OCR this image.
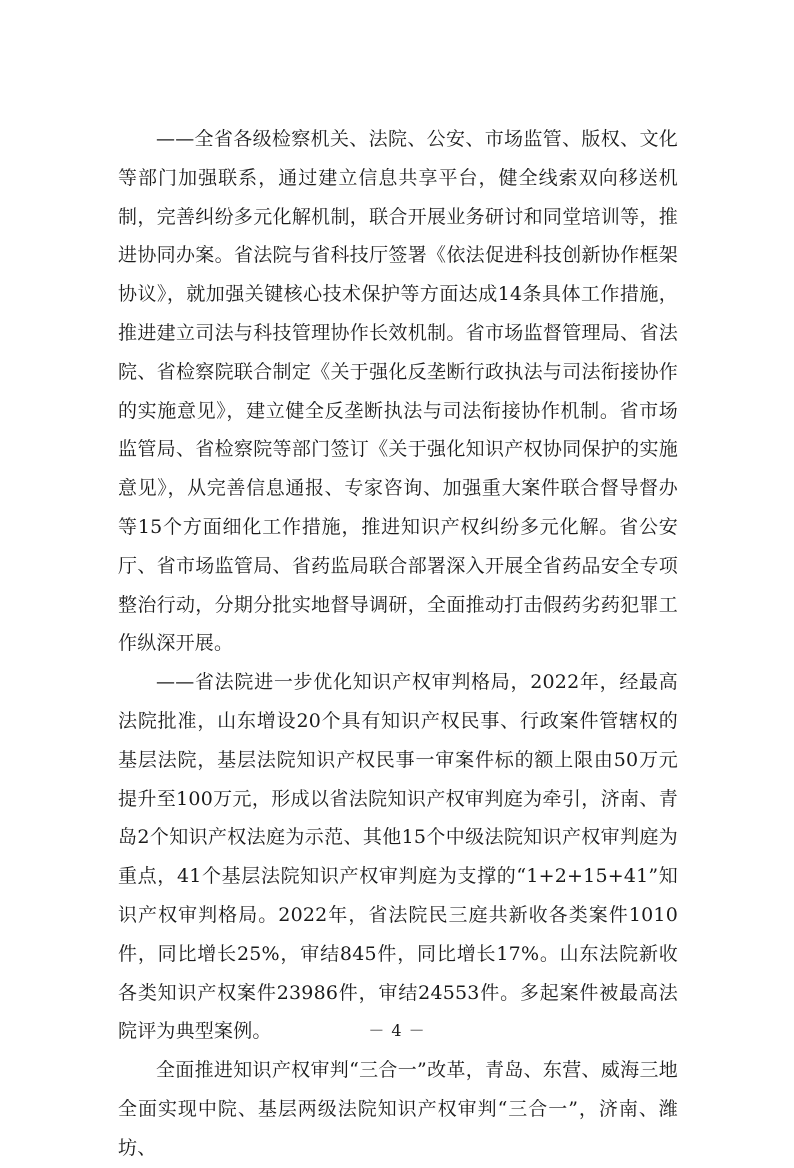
——全省各级检察机关、法院、公安、市场监管、版权、文化等部门加强联系，通过建立信息共享平台，健全线索双向移送机制，完善纠纷多元化解机制，联合开展业务研讨和同堂培训等，推进协同办案。省法院与省科技厅签署《依法促进科技创新协作框架协议》，就加强关键核心技术保护等方面达成14条具体工作措施，推进建立司法与科技管理协作长效机制。省市场监督管理局、省法院、省检察院联合制定《关于强化反垄断行政执法与司法衔接协作的实施意见》，建立健全反垄断执法与司法衔接协作机制。省市场监管局、省检察院等部门签订《关于强化知识产权协同保护的实施意见》，从完善信息通报、专家咨询、加强重大案件联合督导督办等15个方面细化工作措施，推进知识产权纠纷多元化解。省公安厅、省市场监管局、省药监局联合部署深入开展全省药品安全专项整治行动，分期分批实地督导调研，全面推动打击假药劣药犯罪工作纵深开展。

——省法院进一步优化知识产权审判格局，2022年，经最高法院批准，山东增设20个具有知识产权民事、行政案件管辖权的基层法院，基层法院知识产权民事一审案件标的额上限由50万元提升至100万元，形成以省法院知识产权审判庭为牵引，济南、青岛2个知识产权法庭为示范、其他15个中级法院知识产权审判庭为重点，41个基层法院知识产权审判庭为支撑的“1+2+15+41”知识产权审判格局。2022年，省法院民三庭共新收各类案件1010件，同比增长25%，审结845件，同比增长17%。山东法院新收各类知识产权案件23986件，审结24553件。多起案件被最高法院评为典型案例。

全面推进知识产权审判“三合一”改革，青岛、东营、威海三地全面实现中院、基层两级法院知识产权审判“三合一”，济南、潍坊、

－ 4 －
